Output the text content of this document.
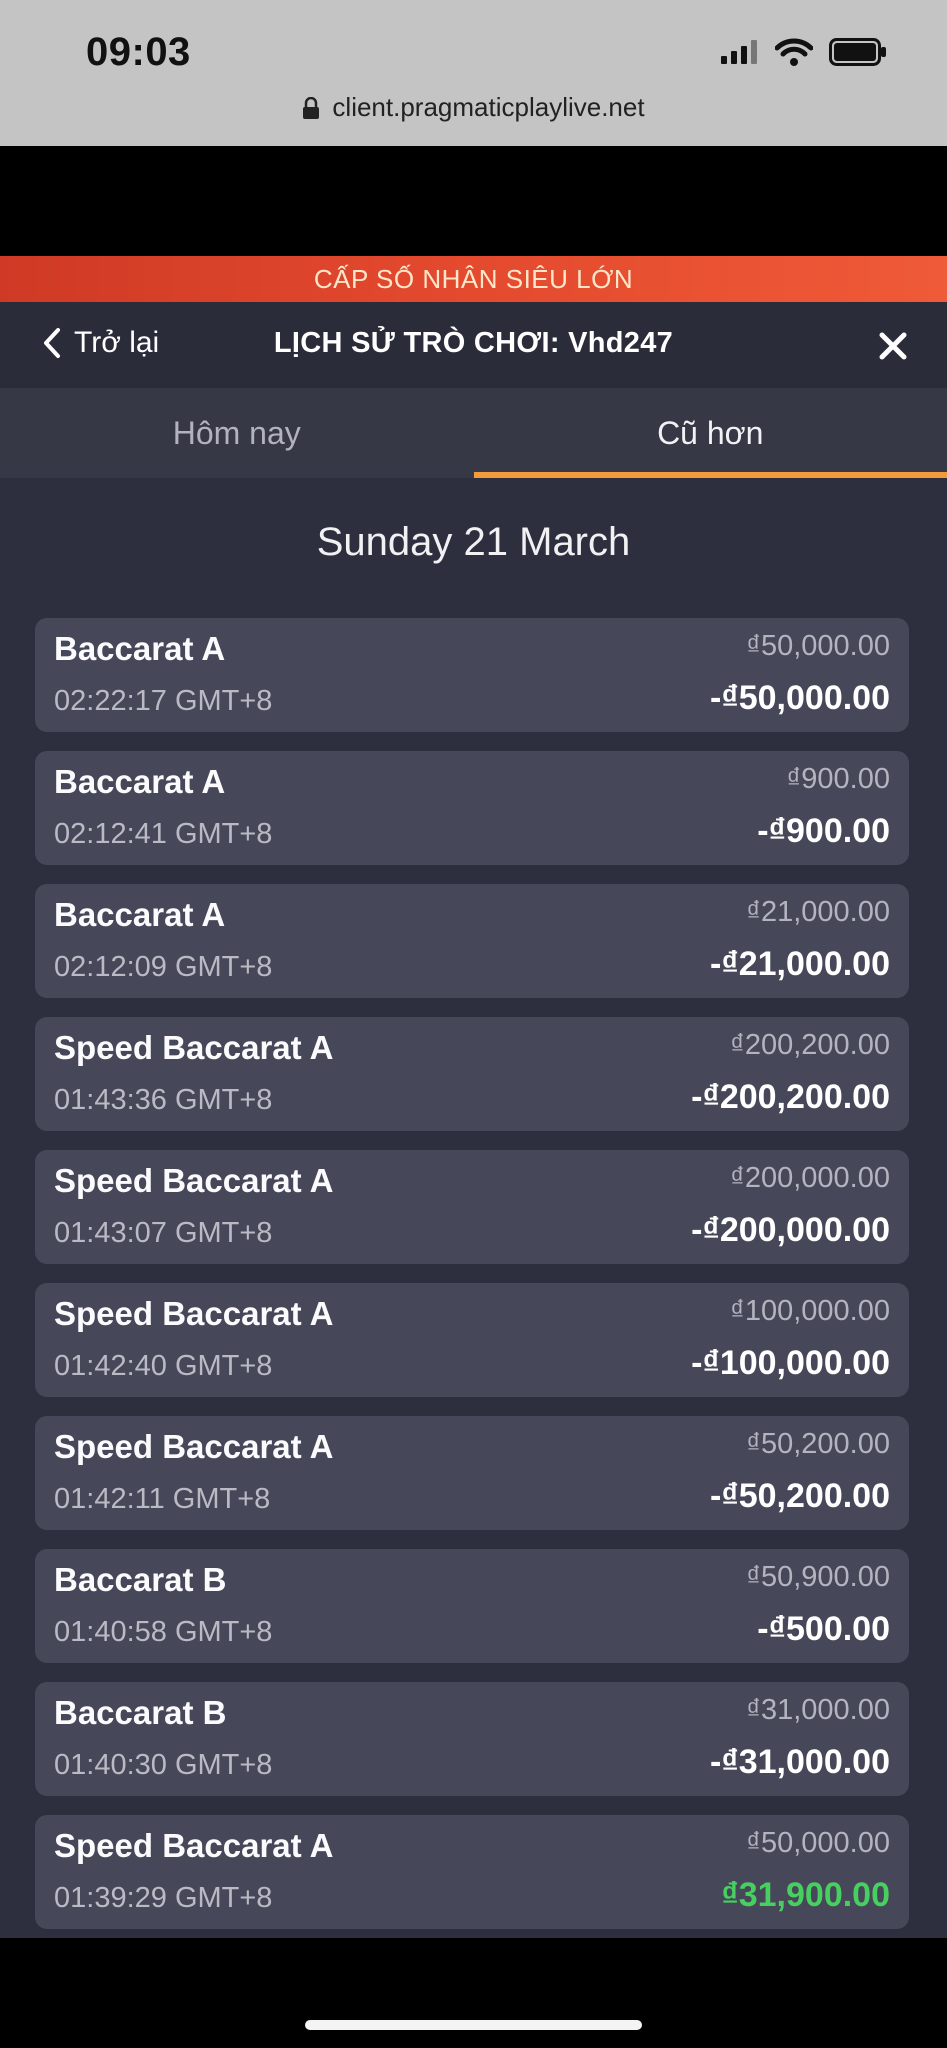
09:03
client.pragmaticplaylive.net
CẤP SỐ NHÂN SIÊU LỚN
Trở lại	LỊCH SỬ TRÒ CHƠI: Vhd247
Hôm nay	Cũ hơn
Sunday 21 March
Baccarat A
02:22:17 GMT+8
₫50,000.00
-₫50,000.00
Baccarat A
02:12:41 GMT+8
₫900.00
-₫900.00
Baccarat A
02:12:09 GMT+8
₫21,000.00
-₫21,000.00
Speed Baccarat A
01:43:36 GMT+8
₫200,200.00
-₫200,200.00
Speed Baccarat A
01:43:07 GMT+8
₫200,000.00
-₫200,000.00
Speed Baccarat A
01:42:40 GMT+8
₫100,000.00
-₫100,000.00
Speed Baccarat A
01:42:11 GMT+8
₫50,200.00
-₫50,200.00
Baccarat B
01:40:58 GMT+8
₫50,900.00
-₫500.00
Baccarat B
01:40:30 GMT+8
₫31,000.00
-₫31,000.00
Speed Baccarat A
01:39:29 GMT+8
₫50,000.00
₫31,900.00
